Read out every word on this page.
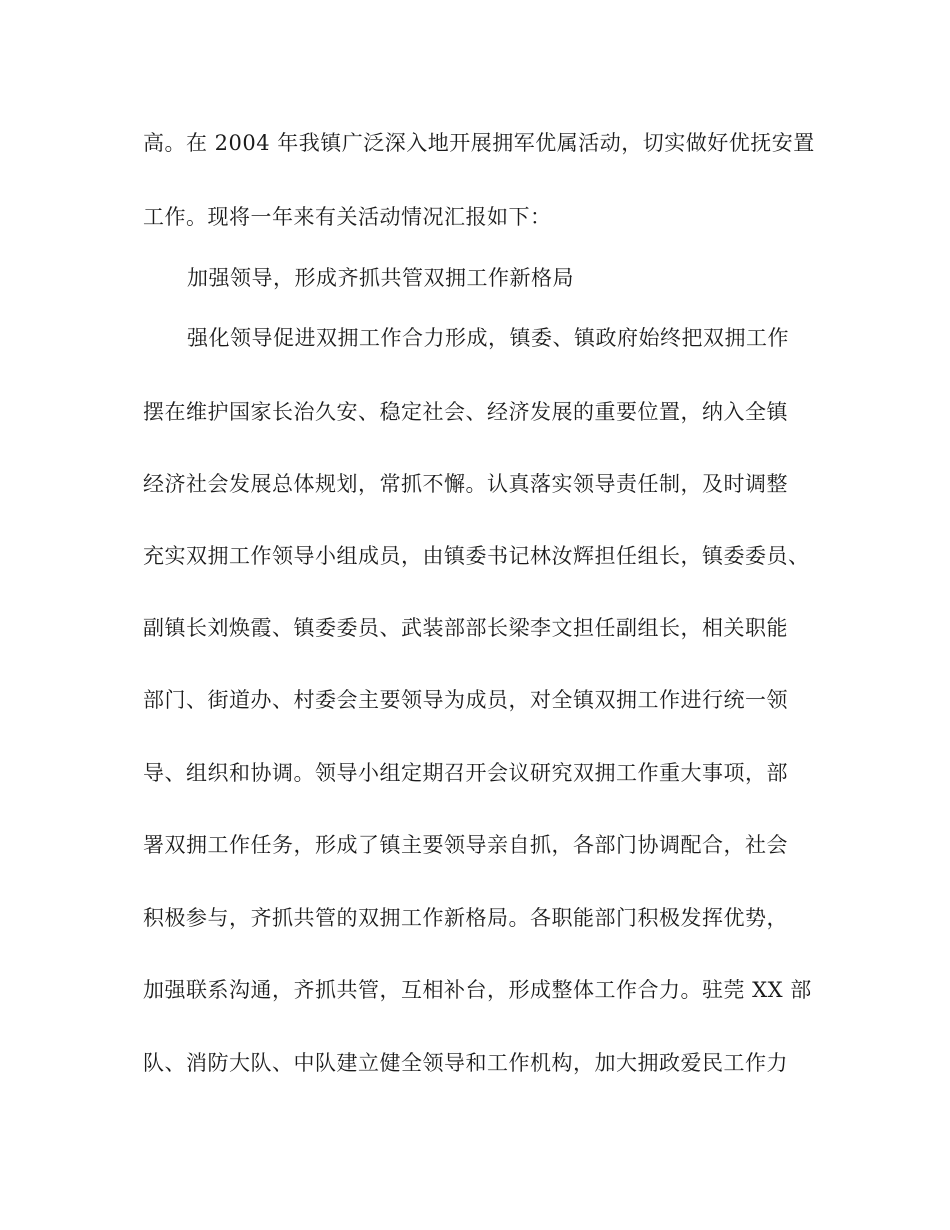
高。在 2004 年我镇广泛深入地开展拥军优属活动，切实做好优抚安置
工作。现将一年来有关活动情况汇报如下：
加强领导，形成齐抓共管双拥工作新格局
强化领导促进双拥工作合力形成，镇委、镇政府始终把双拥工作
摆在维护国家长治久安、稳定社会、经济发展的重要位置，纳入全镇
经济社会发展总体规划，常抓不懈。认真落实领导责任制，及时调整
充实双拥工作领导小组成员，由镇委书记林汝辉担任组长，镇委委员、
副镇长刘焕霞、镇委委员、武装部部长梁李文担任副组长，相关职能
部门、街道办、村委会主要领导为成员，对全镇双拥工作进行统一领
导、组织和协调。领导小组定期召开会议研究双拥工作重大事项，部
署双拥工作任务，形成了镇主要领导亲自抓，各部门协调配合，社会
积极参与，齐抓共管的双拥工作新格局。各职能部门积极发挥优势，
加强联系沟通，齐抓共管，互相补台，形成整体工作合力。驻莞 XX 部
队、消防大队、中队建立健全领导和工作机构，加大拥政爱民工作力
